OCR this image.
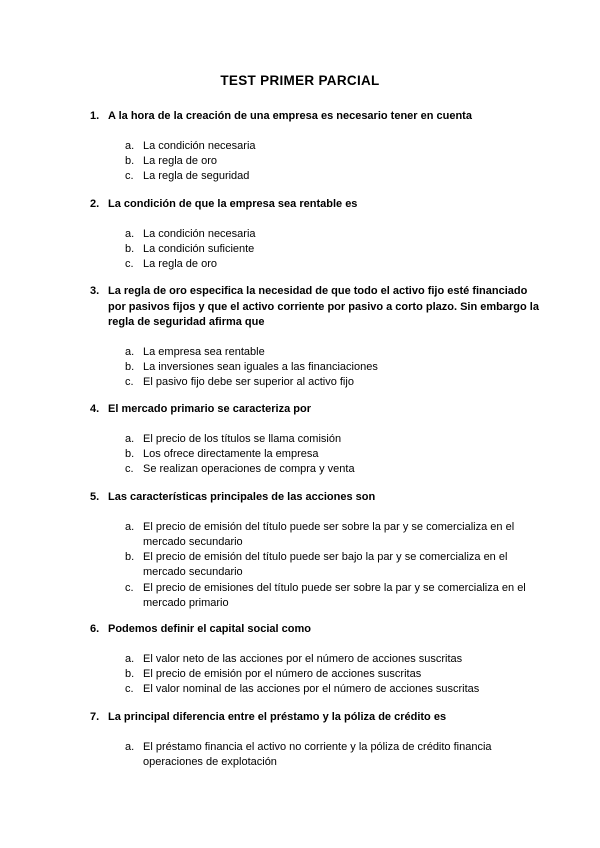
TEST PRIMER PARCIAL
1. A la hora de la creación de una empresa es necesario tener en cuenta
a. La condición necesaria
b. La regla de oro
c. La regla de seguridad
2. La condición de que la empresa sea rentable es
a. La condición necesaria
b. La condición suficiente
c. La regla de oro
3. La regla de oro especifica la necesidad de que todo el activo fijo esté financiado por pasivos fijos y que el activo corriente por pasivo a corto plazo. Sin embargo la regla de seguridad afirma que
a. La empresa sea rentable
b. La inversiones sean iguales a las financiaciones
c. El pasivo fijo debe ser superior al activo fijo
4. El mercado primario se caracteriza por
a. El precio de los títulos se llama comisión
b. Los ofrece directamente la empresa
c. Se realizan operaciones de compra y venta
5. Las características principales de las acciones son
a. El precio de emisión del título puede ser sobre la par y se comercializa en el mercado secundario
b. El precio de emisión del título puede ser bajo la par y se comercializa en el mercado secundario
c. El precio de emisiones del título puede ser sobre la par y se comercializa en el mercado primario
6. Podemos definir el capital social como
a. El valor neto de las acciones por el número de acciones suscritas
b. El precio de emisión por el número de acciones suscritas
c. El valor nominal de las acciones por el número de acciones suscritas
7. La principal diferencia entre el préstamo y la póliza de crédito es
a. El préstamo financia el activo no corriente y la póliza de crédito financia operaciones de explotación
